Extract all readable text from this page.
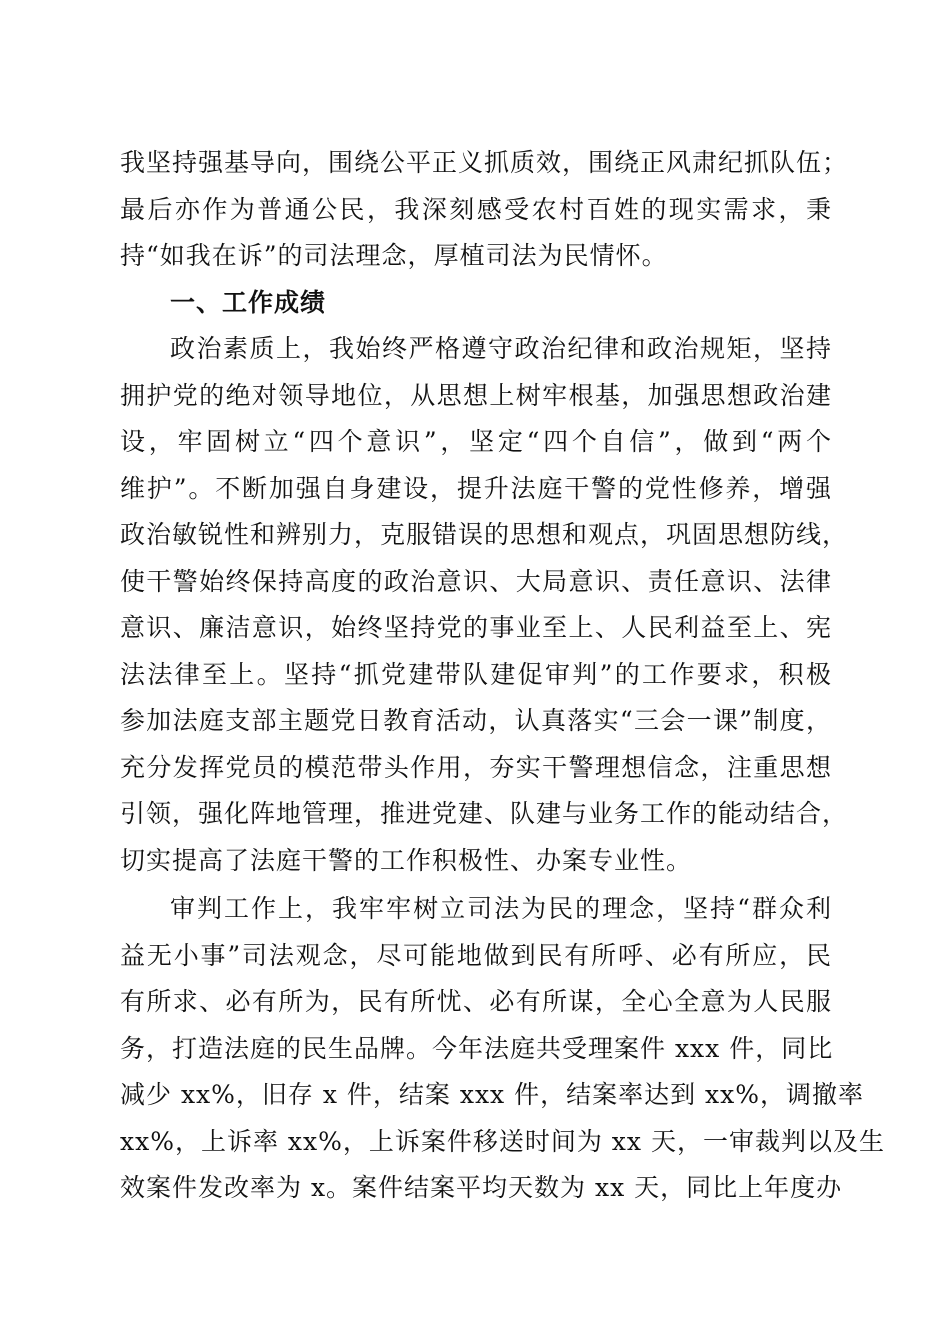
我坚持强基导向，围绕公平正义抓质效，围绕正风肃纪抓队伍；
最后亦作为普通公民，我深刻感受农村百姓的现实需求，秉
持“如我在诉”的司法理念，厚植司法为民情怀。
一、工作成绩
政治素质上，我始终严格遵守政治纪律和政治规矩，坚持
拥护党的绝对领导地位，从思想上树牢根基，加强思想政治建
设，牢固树立“四个意识”，坚定“四个自信”，做到“两个
维护”。不断加强自身建设，提升法庭干警的党性修养，增强
政治敏锐性和辨别力，克服错误的思想和观点，巩固思想防线，
使干警始终保持高度的政治意识、大局意识、责任意识、法律
意识、廉洁意识，始终坚持党的事业至上、人民利益至上、宪
法法律至上。坚持“抓党建带队建促审判”的工作要求，积极
参加法庭支部主题党日教育活动，认真落实“三会一课”制度，
充分发挥党员的模范带头作用，夯实干警理想信念，注重思想
引领，强化阵地管理，推进党建、队建与业务工作的能动结合，
切实提高了法庭干警的工作积极性、办案专业性。
审判工作上，我牢牢树立司法为民的理念，坚持“群众利
益无小事”司法观念，尽可能地做到民有所呼、必有所应，民
有所求、必有所为，民有所忧、必有所谋，全心全意为人民服
务，打造法庭的民生品牌。今年法庭共受理案件 xxx 件，同比
减少 xx%，旧存 x 件，结案 xxx 件，结案率达到 xx%，调撤率
xx%，上诉率 xx%，上诉案件移送时间为 xx 天，一审裁判以及生
效案件发改率为 x。案件结案平均天数为 xx 天，同比上年度办
